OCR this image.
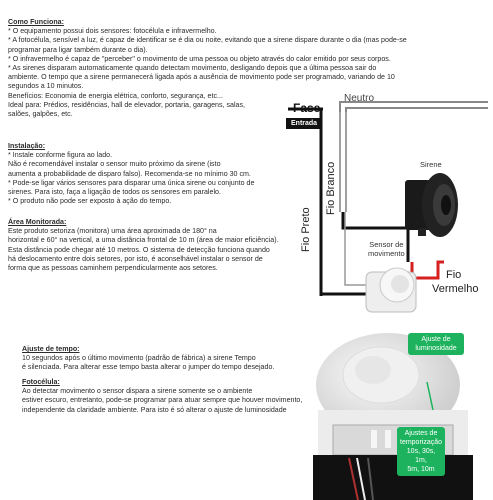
Como Funciona:
* O equipamento possui dois sensores: fotocélula e infravermelho.
* A fotocélula, sensível a luz, é capaz de identificar se é dia ou noite, evitando que a sirene dispare durante o dia (mas pode-se
programar para ligar também durante o dia).
* O infravermelho é capaz de "perceber" o movimento de uma pessoa ou objeto através do calor emitido por seus corpos.
* As sirenes disparam automaticamente quando detectam movimento, desligando depois que a última pessoa sair do
ambiente. O tempo que a sirene permanecerá ligada após a ausência de movimento pode ser programado, variando de 10
segundos a 10 minutos.
Benefícios: Economia de energia elétrica, conforto, segurança, etc...
Ideal para: Prédios, residências, hall de elevador, portaria, garagens, salas,
salões, galpões, etc.
Instalação:
* Instale conforme figura ao lado.
Não é recomendável instalar o sensor muito próximo da sirene (isto
aumenta a probabilidade de disparo falso). Recomenda-se no mínimo 30 cm.
* Pode-se ligar vários sensores para disparar uma única sirene ou conjunto de
sirenes. Para isto, faça a ligação de todos os sensores em paralelo.
* O produto não pode ser exposto à ação do tempo.
Área Monitorada:
Este produto setoriza (monitora) uma área aproximada de 180° na
horizontal e 60° na vertical, a uma distância frontal de 10 m (área de maior eficiência).
Esta distância pode chegar até 10 metros. O sistema de detecção funciona quando
há deslocamento entre dois setores, por isto, é aconselhável instalar o sensor de
forma que as pessoas caminhem perpendicularmente aos setores.
Ajuste de tempo:
10 segundos após o último movimento (padrão de fábrica) a sirene Tempo
é silenciada. Para alterar esse tempo basta alterar o jumper do tempo desejado.
Fotocélula:
Ao detectar movimento o sensor dispara a sirene somente se o ambiente
estiver escuro, entretanto, pode-se programar para atuar sempre que houver movimento,
independente da claridade ambiente. Para isto é só alterar o ajuste de luminosidade
Fase
Entrada
Neutro
Fio Preto
Fio Branco	Sirene
Sensor de
movimento
Fio
Vermelho
Ajuste de
luminosidade
Ajustes de
temporização
10s, 30s, 1m,
5m, 10m
